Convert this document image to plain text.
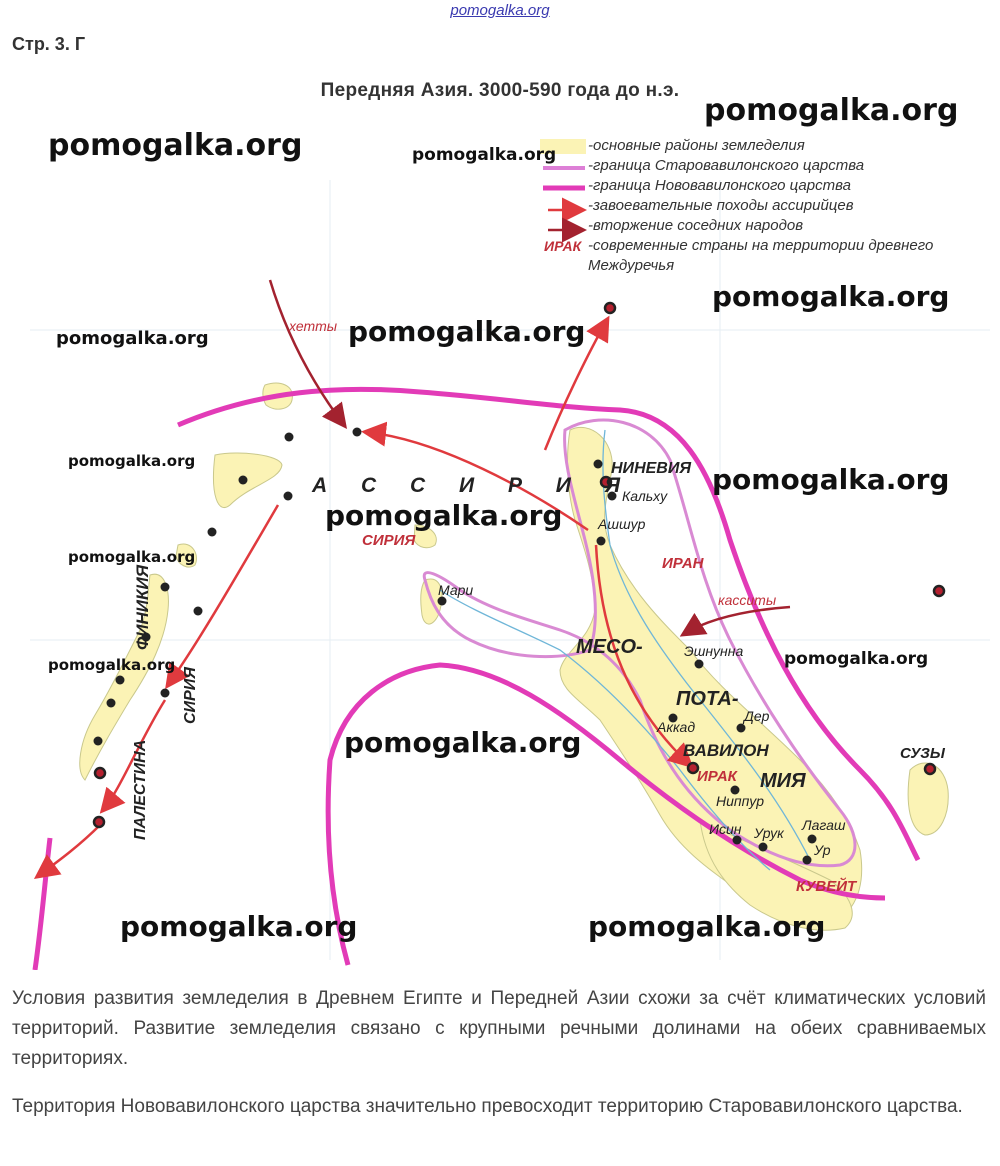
pomogalka.org
Стр. 3. Г
Передняя Азия. 3000-590 года до н.э.
-основные районы земледелия
-граница Старовавилонского царства
-граница Нововавилонского царства
-завоевательные походы ассирийцев
-вторжение соседних народов
ИРАК -современные страны на территории древнего Междуречья
pomogalka.org
pomogalka.org
pomogalka.org
pomogalka.org
pomogalka.org	pomogalka.org
pomogalka.org
pomogalka.org
pomogalka.org
pomogalka.org
pomogalka.org
pomogalka.org
pomogalka.org
pomogalka.org	pomogalka.org
А С С И Р И Я
ФИНИКИЯ
СИРИЯ
ПАЛЕСТИНА
МЕСО-
ПОТА-
МИЯ
хетты
касситы
СИРИЯ
ИРАН
ИРАК
КУВЕЙТ
НИНЕВИЯ
Кальху
Ашшур
Мари
Эшнунна
Аккад
Дер
ВАВИЛОН
Ниппур
Исин Урук Лагаш
Ур
СУЗЫ
Условия развития земледелия в Древнем Египте и Передней Азии схожи за счёт климатических условий территорий. Развитие земледелия связано с крупными речными долинами на обеих сравниваемых территориях.
Территория Нововавилонского царства значительно превосходит территорию Старовавилонского царства.
